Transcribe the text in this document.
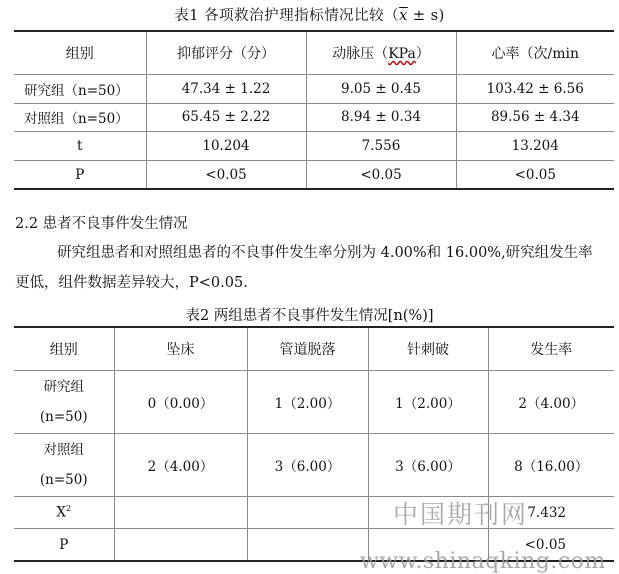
表1 各项救治护理指标情况比较$(\overline{x} \pm s)$
组别	抑郁评分（分）	动脉压（KPa）	心率（次/min
研究组（n=50）	47.34 ± 1.22	9.05 ± 0.45	103.42 ± 6.56
对照组（n=50）	65.45 ± 2.22	8.94 ± 0.34	89.56 ± 4.34
t	10.204	7.556	13.204
P	<0.05	<0.05	<0.05
2.2 患者不良事件发生情况
研究组患者和对照组患者的不良事件发生率分别为 4.00%和 16.00%,研究组发生率更低，组件数据差异较大，P<0.05.
表2 两组患者不良事件发生情况[n(%)]
组别	坠床	管道脱落	针刺破	发生率
研究组
(n=50)	0（0.00）	1（2.00）	1（2.00）	2（4.00）
对照组
(n=50)	2（4.00）	3（6.00）	3（6.00）	8（16.00）
$X^2$				7.432
P				<0.05
中国期刊网
www.shinaqking.com
